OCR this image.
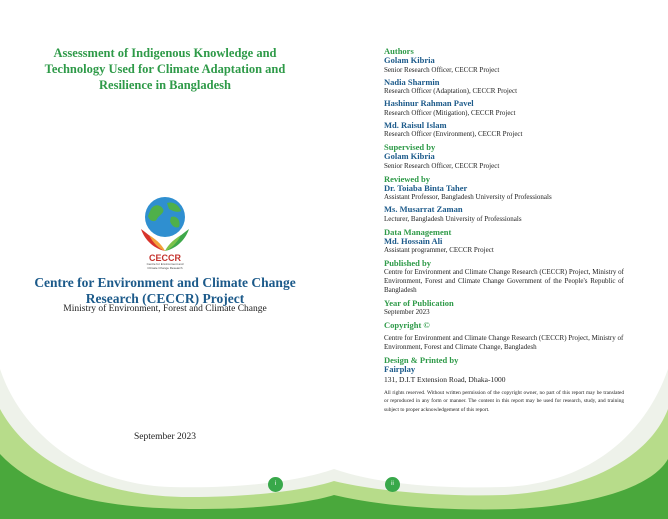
Assessment of Indigenous Knowledge and Technology Used for Climate Adaptation and Resilience in Bangladesh
CECCR
Centre for Environment and
Climate Change Research
Centre for Environment and Climate Change Research (CECCR) Project
Ministry of Environment, Forest and Climate Change
September 2023
i
Authors
Golam Kibria
Senior Research Officer, CECCR Project
Nadia Sharmin
Research Officer (Adaptation), CECCR Project
Hashinur Rahman Pavel
Research Officer (Mitigation), CECCR Project
Md. Raisul Islam
Research Officer (Environment), CECCR Project
Supervised by
Golam Kibria
Senior Research Officer, CECCR Project
Reviewed by
Dr. Toiaba Binta Taher
Assistant Professor, Bangladesh University of Professionals
Ms. Musarrat Zaman
Lecturer, Bangladesh University of Professionals
Data Management
Md. Hossain Ali
Assistant programmer, CECCR Project
Published by
Centre for Environment and Climate Change Research (CECCR) Project, Ministry of Environment, Forest and Climate Change Government of the People's Republic of Bangladesh
Year of Publication
September 2023
Copyright ©
Centre for Environment and Climate Change Research (CECCR) Project, Ministry of Environment, Forest and Climate Change, Bangladesh
Design & Printed by
Fairplay
131, D.I.T Extension Road, Dhaka-1000
All rights reserved. Without written permission of the copyright owner, no part of this report may be translated or reproduced in any form or manner. The content in this report may be used for research, study, and training subject to proper acknowledgement of this report.
ii
